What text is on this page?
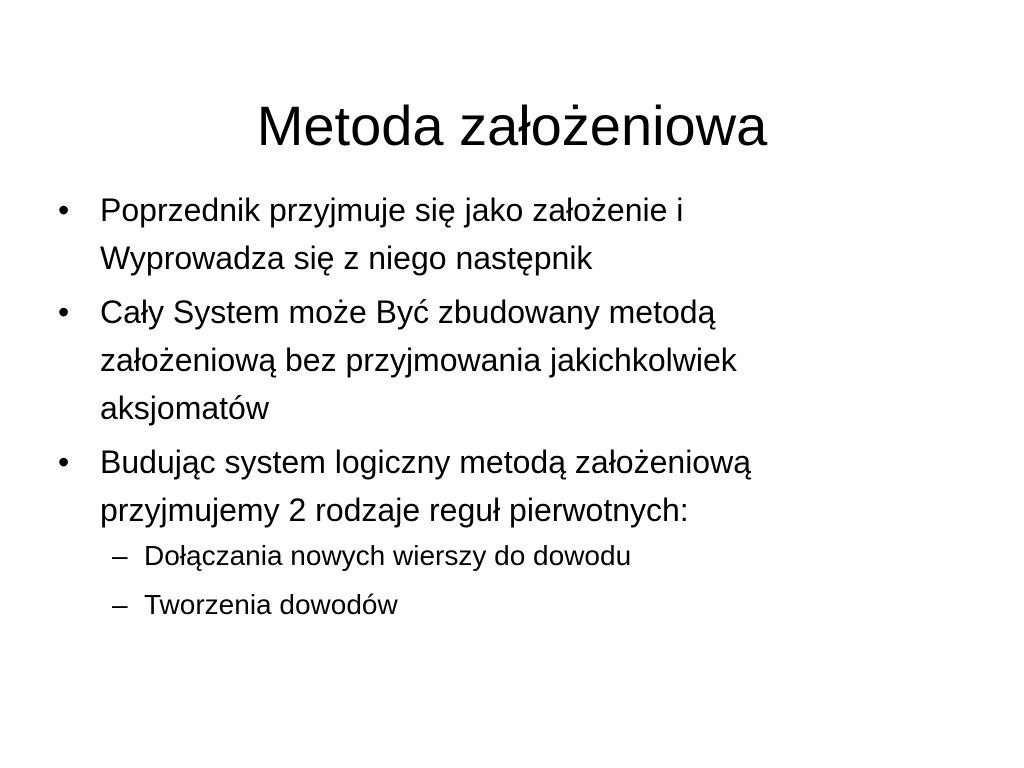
Metoda założeniowa
• Poprzednik przyjmuje się jako założenie i
Wyprowadza się z niego następnik
• Cały System może Być zbudowany metodą
założeniową bez przyjmowania jakichkolwiek
aksjomatów
• Budując system logiczny metodą założeniową
przyjmujemy 2 rodzaje reguł pierwotnych:
– Dołączania nowych wierszy do dowodu
– Tworzenia dowodów
